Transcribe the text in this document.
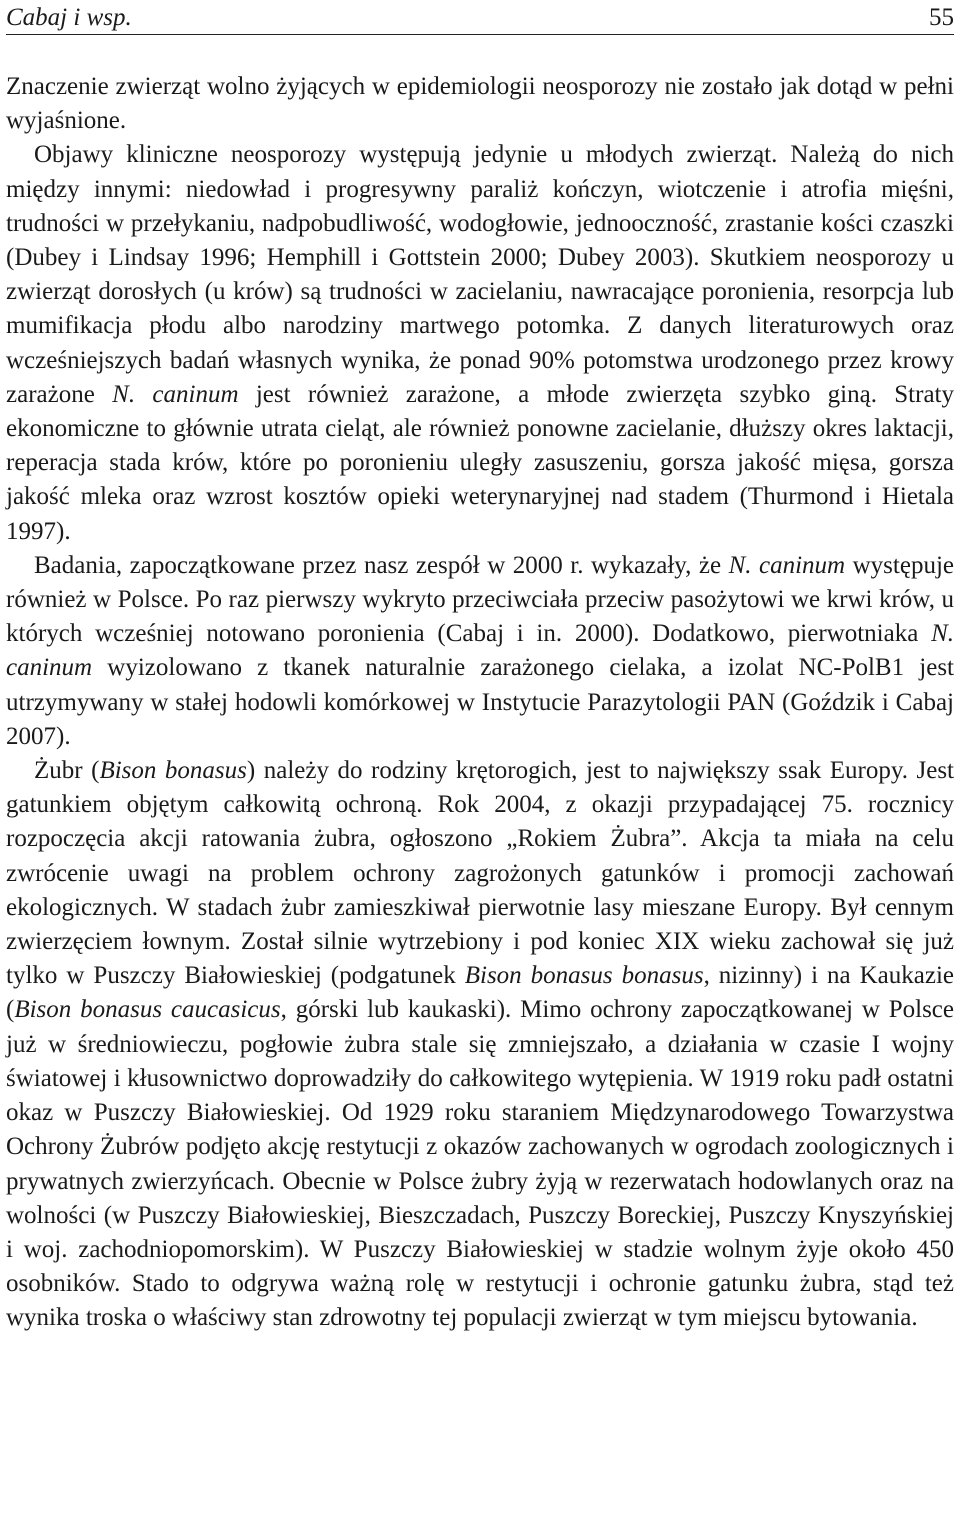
Cabaj i wsp.	55

Znaczenie zwierząt wolno żyjących w epidemiologii neosporozy nie zostało jak dotąd w pełni wyjaśnione.

Objawy kliniczne neosporozy występują jedynie u młodych zwierząt. Należą do nich między innymi: niedowład i progresywny paraliż kończyn, wiotczenie i atrofia mięśni, trudności w przełykaniu, nadpobudliwość, wodogłowie, jednooczność, zrastanie kości czaszki (Dubey i Lindsay 1996; Hemphill i Gottstein 2000; Dubey 2003). Skutkiem neosporozy u zwierząt dorosłych (u krów) są trudności w zacielaniu, nawracające poronienia, resorpcja lub mumifikacja płodu albo narodziny martwego potomka. Z danych literaturowych oraz wcześniejszych badań własnych wynika, że ponad 90% potomstwa urodzonego przez krowy zarażone N. caninum jest również zarażone, a młode zwierzęta szybko giną. Straty ekonomiczne to głównie utrata cieląt, ale również ponowne zacielanie, dłuższy okres laktacji, reperacja stada krów, które po poronieniu uległy zasuszeniu, gorsza jakość mięsa, gorsza jakość mleka oraz wzrost kosztów opieki weterynaryjnej nad stadem (Thurmond i Hietala 1997).

Badania, zapoczątkowane przez nasz zespół w 2000 r. wykazały, że N. caninum występuje również w Polsce. Po raz pierwszy wykryto przeciwciała przeciw pasożytowi we krwi krów, u których wcześniej notowano poronienia (Cabaj i in. 2000). Dodatkowo, pierwotniaka N. caninum wyizolowano z tkanek naturalnie zarażonego cielaka, a izolat NC-PolB1 jest utrzymywany w stałej hodowli komórkowej w Instytucie Parazytologii PAN (Goździk i Cabaj 2007).

Żubr (Bison bonasus) należy do rodziny krętorogich, jest to największy ssak Europy. Jest gatunkiem objętym całkowitą ochroną. Rok 2004, z okazji przypadającej 75. rocznicy rozpoczęcia akcji ratowania żubra, ogłoszono „Rokiem Żubra”. Akcja ta miała na celu zwrócenie uwagi na problem ochrony zagrożonych gatunków i promocji zachowań ekologicznych. W stadach żubr zamieszkiwał pierwotnie lasy mieszane Europy. Był cennym zwierzęciem łownym. Został silnie wytrzebiony i pod koniec XIX wieku zachował się już tylko w Puszczy Białowieskiej (podgatunek Bison bonasus bonasus, nizinny) i na Kaukazie (Bison bonasus caucasicus, górski lub kaukaski). Mimo ochrony zapoczątkowanej w Polsce już w średniowieczu, pogłowie żubra stale się zmniejszało, a działania w czasie I wojny światowej i kłusownictwo doprowadziły do całkowitego wytępienia. W 1919 roku padł ostatni okaz w Puszczy Białowieskiej. Od 1929 roku staraniem Międzynarodowego Towarzystwa Ochrony Żubrów podjęto akcję restytucji z okazów zachowanych w ogrodach zoologicznych i prywatnych zwierzyńcach. Obecnie w Polsce żubry żyją w rezerwatach hodowlanych oraz na wolności (w Puszczy Białowieskiej, Bieszczadach, Puszczy Boreckiej, Puszczy Knyszyńskiej i woj. zachodniopomorskim). W Puszczy Białowieskiej w stadzie wolnym żyje około 450 osobników. Stado to odgrywa ważną rolę w restytucji i ochronie gatunku żubra, stąd też wynika troska o właściwy stan zdrowotny tej populacji zwierząt w tym miejscu bytowania.
